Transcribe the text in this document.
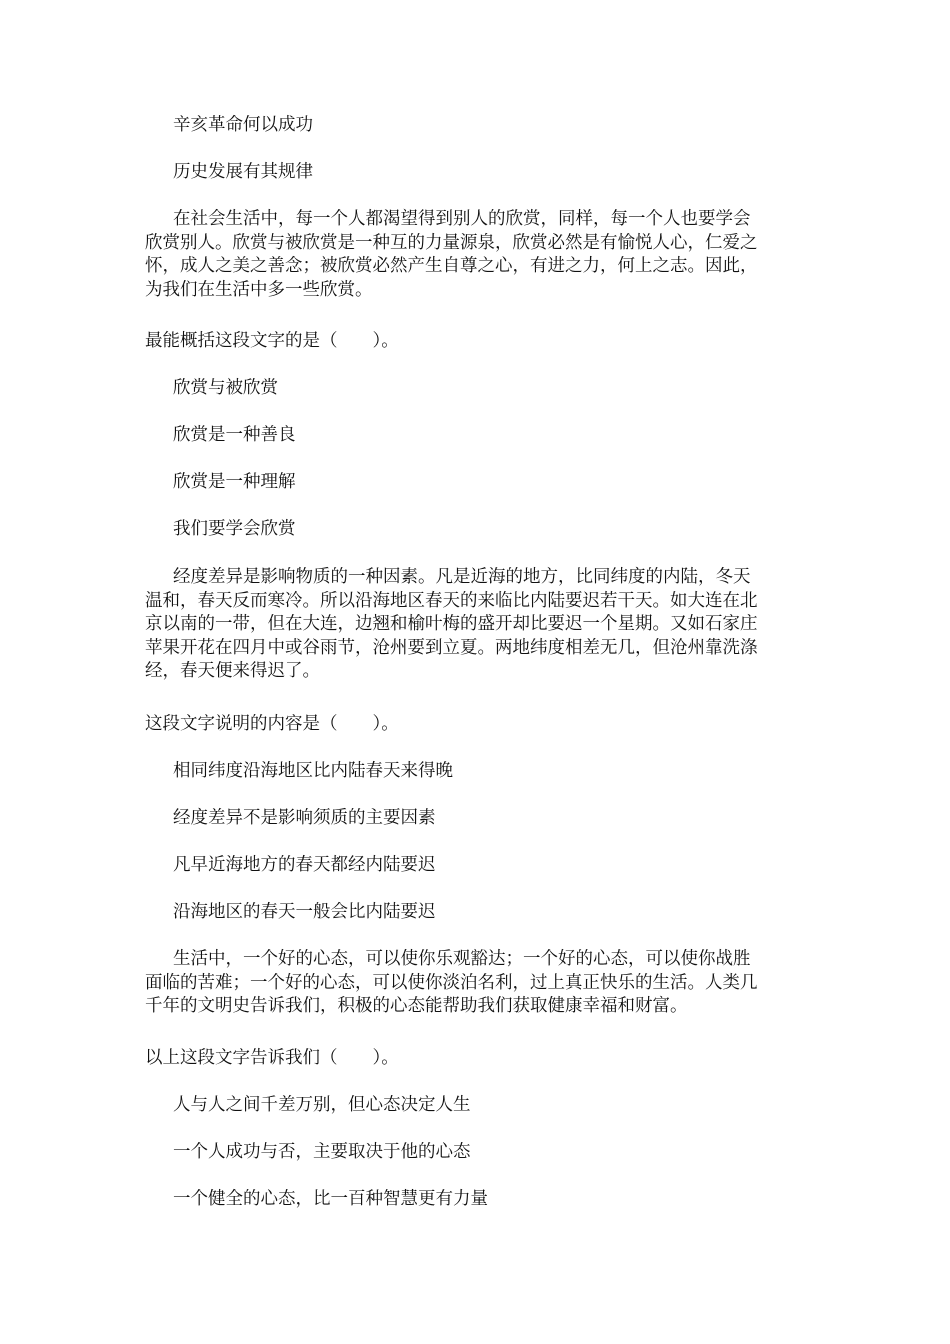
辛亥革命何以成功

历史发展有其规律

在社会生活中，每一个人都渴望得到别人的欣赏，同样，每一个人也要学会
欣赏别人。欣赏与被欣赏是一种互的力量源泉，欣赏必然是有愉悦人心，仁爱之
怀，成人之美之善念；被欣赏必然产生自尊之心，有进之力，何上之志。因此，
为我们在生活中多一些欣赏。

最能概括这段文字的是（　　）。

欣赏与被欣赏

欣赏是一种善良

欣赏是一种理解

我们要学会欣赏

经度差异是影响物质的一种因素。凡是近海的地方，比同纬度的内陆，冬天
温和，春天反而寒冷。所以沿海地区春天的来临比内陆要迟若干天。如大连在北
京以南的一带，但在大连，边翘和榆叶梅的盛开却比要迟一个星期。又如石家庄
苹果开花在四月中或谷雨节，沧州要到立夏。两地纬度相差无几，但沧州靠洗涤
经，春天便来得迟了。

这段文字说明的内容是（　　）。

相同纬度沿海地区比内陆春天来得晚

经度差异不是影响须质的主要因素

凡早近海地方的春天都经内陆要迟

沿海地区的春天一般会比内陆要迟

生活中，一个好的心态，可以使你乐观豁达；一个好的心态，可以使你战胜
面临的苦难；一个好的心态，可以使你淡泊名利，过上真正快乐的生活。人类几
千年的文明史告诉我们，积极的心态能帮助我们获取健康幸福和财富。

以上这段文字告诉我们（　　）。

人与人之间千差万别，但心态决定人生

一个人成功与否，主要取决于他的心态

一个健全的心态，比一百种智慧更有力量
